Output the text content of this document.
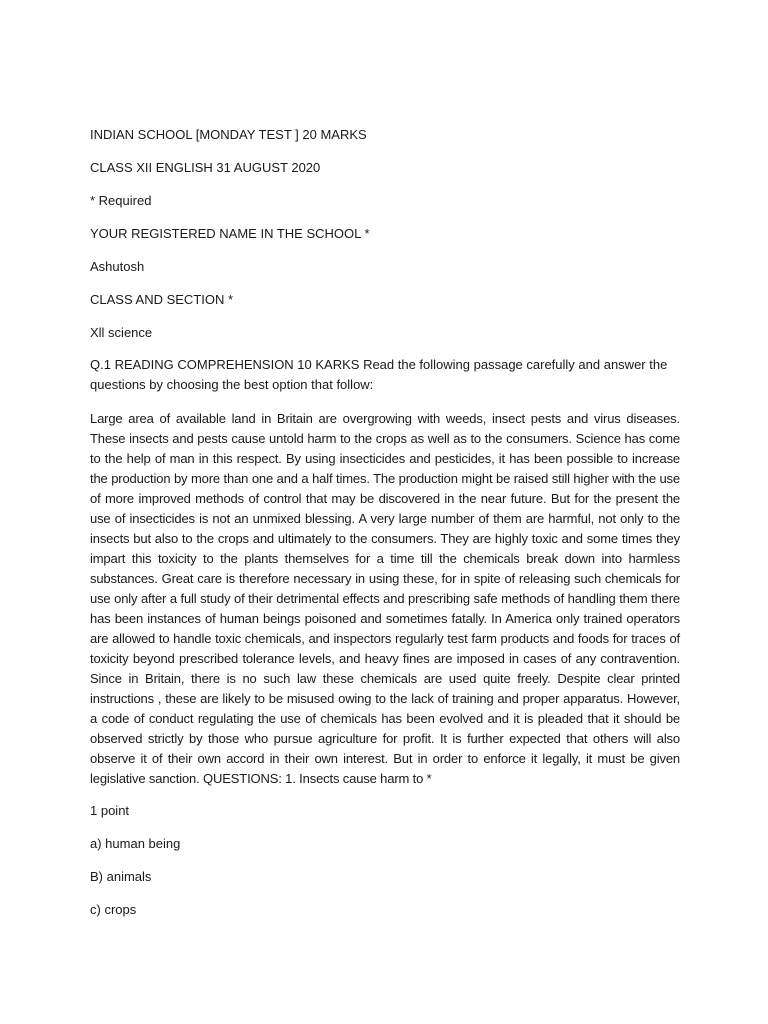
INDIAN SCHOOL [MONDAY TEST ] 20 MARKS
CLASS XII ENGLISH 31 AUGUST 2020
* Required
YOUR REGISTERED NAME IN THE SCHOOL *
Ashutosh
CLASS AND SECTION *
Xll science
Q.1 READING COMPREHENSION 10 KARKS Read the following passage carefully and answer the questions by choosing the best option that follow:
Large area of available land in Britain are overgrowing with weeds, insect pests and virus diseases. These insects and pests cause untold harm to the crops as well as to the consumers. Science has come to the help of man in this respect. By using insecticides and pesticides, it has been possible to increase the production by more than one and a half times. The production might be raised still higher with the use of more improved methods of control that may be discovered in the near future. But for the present the use of insecticides is not an unmixed blessing. A very large number of them are harmful, not only to the insects but also to the crops and ultimately to the consumers. They are highly toxic and some times they impart this toxicity to the plants themselves for a time till the chemicals break down into harmless substances. Great care is therefore necessary in using these, for in spite of releasing such chemicals for use only after a full study of their detrimental effects and prescribing safe methods of handling them there has been instances of human beings poisoned and sometimes fatally. In America only trained operators are allowed to handle toxic chemicals, and inspectors regularly test farm products and foods for traces of toxicity beyond prescribed tolerance levels, and heavy fines are imposed in cases of any contravention. Since in Britain, there is no such law these chemicals are used quite freely. Despite clear printed instructions , these are likely to be misused owing to the lack of training and proper apparatus. However, a code of conduct regulating the use of chemicals has been evolved and it is pleaded that it should be observed strictly by those who pursue agriculture for profit. It is further expected that others will also observe it of their own accord in their own interest. But in order to enforce it legally, it must be given legislative sanction. QUESTIONS: 1. Insects cause harm to *
1 point
a) human being
B) animals
c) crops
